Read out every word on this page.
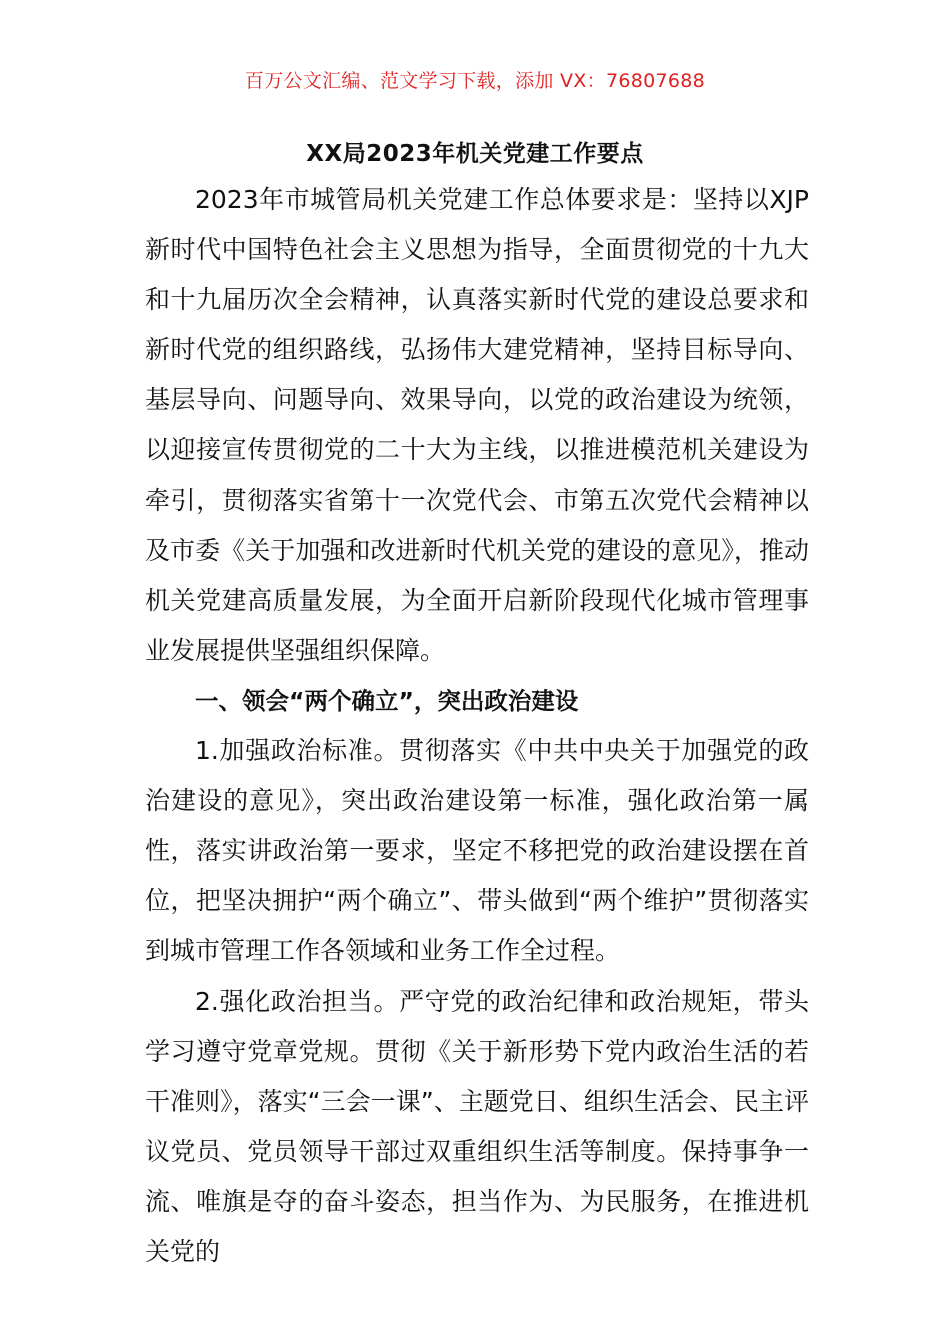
百万公文汇编、范文学习下载，添加 VX：76807688
XX局2023年机关党建工作要点

2023年市城管局机关党建工作总体要求是：坚持以XJP新时代中国特色社会主义思想为指导，全面贯彻党的十九大和十九届历次全会精神，认真落实新时代党的建设总要求和新时代党的组织路线，弘扬伟大建党精神，坚持目标导向、基层导向、问题导向、效果导向，以党的政治建设为统领，以迎接宣传贯彻党的二十大为主线，以推进模范机关建设为牵引，贯彻落实省第十一次党代会、市第五次党代会精神以及市委《关于加强和改进新时代机关党的建设的意见》，推动机关党建高质量发展，为全面开启新阶段现代化城市管理事业发展提供坚强组织保障。

一、领会“两个确立”，突出政治建设

1.加强政治标准。贯彻落实《中共中央关于加强党的政治建设的意见》，突出政治建设第一标准，强化政治第一属性，落实讲政治第一要求，坚定不移把党的政治建设摆在首位，把坚决拥护“两个确立”、带头做到“两个维护”贯彻落实到城市管理工作各领域和业务工作全过程。

2.强化政治担当。严守党的政治纪律和政治规矩，带头学习遵守党章党规。贯彻《关于新形势下党内政治生活的若干准则》，落实“三会一课”、主题党日、组织生活会、民主评议党员、党员领导干部过双重组织生活等制度。保持事争一流、唯旗是夺的奋斗姿态，担当作为、为民服务，在推进机关党的
